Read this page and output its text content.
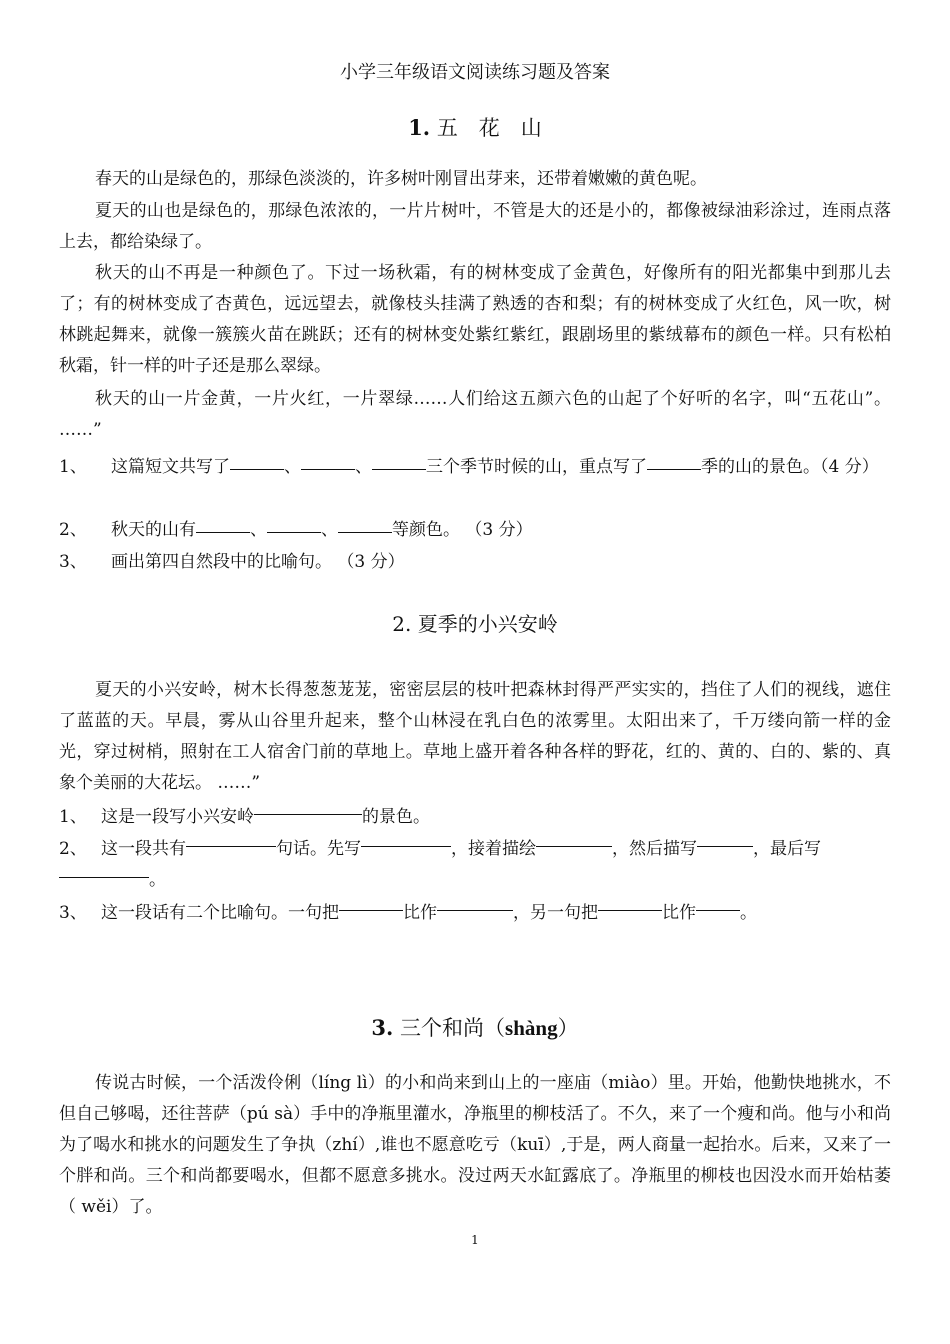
小学三年级语文阅读练习题及答案
1. 五　花　山

春天的山是绿色的，那绿色淡淡的，许多树叶刚冒出芽来，还带着嫩嫩的黄色呢。

夏天的山也是绿色的，那绿色浓浓的，一片片树叶，不管是大的还是小的，都像被绿油彩涂过，连雨点落上去，都给染绿了。

秋天的山不再是一种颜色了。下过一场秋霜，有的树林变成了金黄色，好像所有的阳光都集中到那儿去了；有的树林变成了杏黄色，远远望去，就像枝头挂满了熟透的杏和梨；有的树林变成了火红色，风一吹，树林跳起舞来，就像一簇簇火苗在跳跃；还有的树林变处紫红紫红，跟剧场里的紫绒幕布的颜色一样。只有松柏秋霜，针一样的叶子还是那么翠绿。

秋天的山一片金黄，一片火红，一片翠绿……人们给这五颜六色的山起了个好听的名字，叫“五花山”。 ……”

1、 这篇短文共写了	、	、	三个季节时候的山，重点写了	季的山的景色。（4 分）

2、 秋天的山有	、	、	等颜色。 （3 分）

3、 画出第四自然段中的比喻句。 （3 分）

2. 夏季的小兴安岭

夏天的小兴安岭，树木长得葱葱茏茏，密密层层的枝叶把森林封得严严实实的，挡住了人们的视线，遮住了蓝蓝的天。早晨，雾从山谷里升起来，整个山林浸在乳白色的浓雾里。太阳出来了，千万缕向箭一样的金光，穿过树梢，照射在工人宿舍门前的草地上。草地上盛开着各种各样的野花，红的、黄的、白的、紫的、真象个美丽的大花坛。 ……”

1、 这是一段写小兴安岭	的景色。

2、 这一段共有	句话。先写	，接着描绘	，然后描写	，最后写
。

3、 这一段话有二个比喻句。一句把	比作	，另一句把	比作	。

3. 三个和尚（shàng）

传说古时候，一个活泼伶俐（líng lì）的小和尚来到山上的一座庙（miào）里。开始，他勤快地挑水，不但自己够喝，还往菩萨（pú sà）手中的净瓶里灌水，净瓶里的柳枝活了。不久，来了一个瘦和尚。他与小和尚为了喝水和挑水的问题发生了争执（zhí）,谁也不愿意吃亏（kuī）,于是，两人商量一起抬水。后来，又来了一个胖和尚。三个和尚都要喝水，但都不愿意多挑水。没过两天水缸露底了。净瓶里的柳枝也因没水而开始枯萎（ wěi）了。

1
